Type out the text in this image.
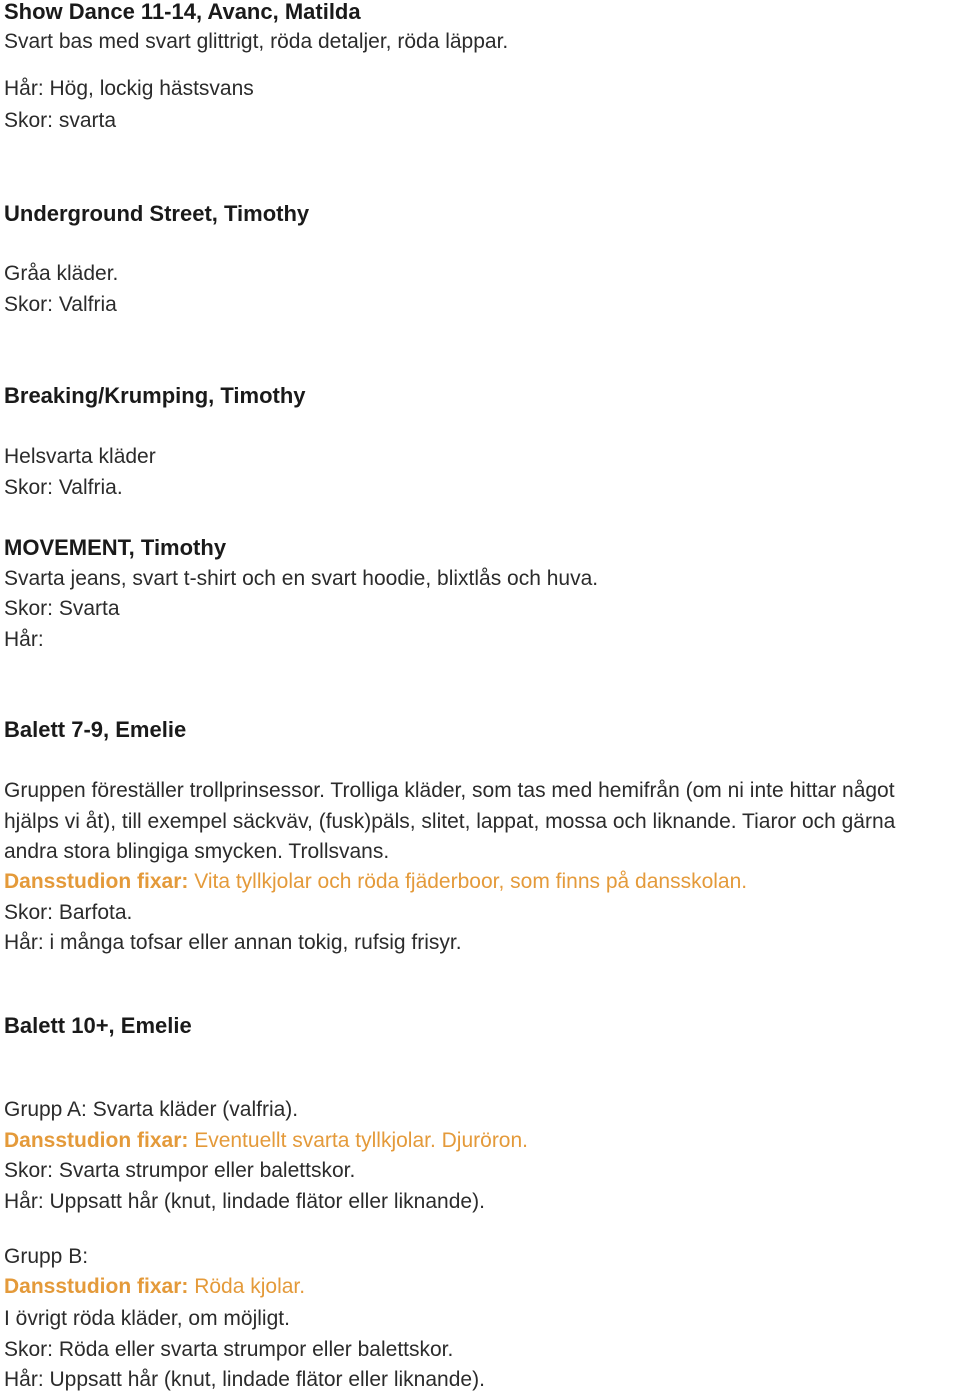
Show Dance 11-14, Avanc, Matilda
Svart bas med svart glittrigt, röda detaljer, röda läppar.
Hår: Hög, lockig hästsvans
Skor: svarta
Underground Street, Timothy
Gråa kläder.
Skor: Valfria
Breaking/Krumping, Timothy
Helsvarta kläder
Skor: Valfria.
MOVEMENT, Timothy
Svarta jeans, svart t-shirt och en svart hoodie, blixtlås och huva.
Skor: Svarta
Hår:
Balett 7-9, Emelie
Gruppen föreställer trollprinsessor. Trolliga kläder, som tas med hemifrån (om ni inte hittar något
hjälps vi åt), till exempel säckväv, (fusk)päls, slitet, lappat, mossa och liknande. Tiaror och gärna
andra stora blingiga smycken. Trollsvans.
Dansstudion fixar: Vita tyllkjolar och röda fjäderboor, som finns på dansskolan.
Skor: Barfota.
Hår: i många tofsar eller annan tokig, rufsig frisyr.
Balett 10+, Emelie
Grupp A: Svarta kläder (valfria).
Dansstudion fixar: Eventuellt svarta tyllkjolar. Djuröron.
Skor: Svarta strumpor eller balettskor.
Hår: Uppsatt hår (knut, lindade flätor eller liknande).
Grupp B:
Dansstudion fixar: Röda kjolar.
I övrigt röda kläder, om möjligt.
Skor: Röda eller svarta strumpor eller balettskor.
Hår: Uppsatt hår (knut, lindade flätor eller liknande).
